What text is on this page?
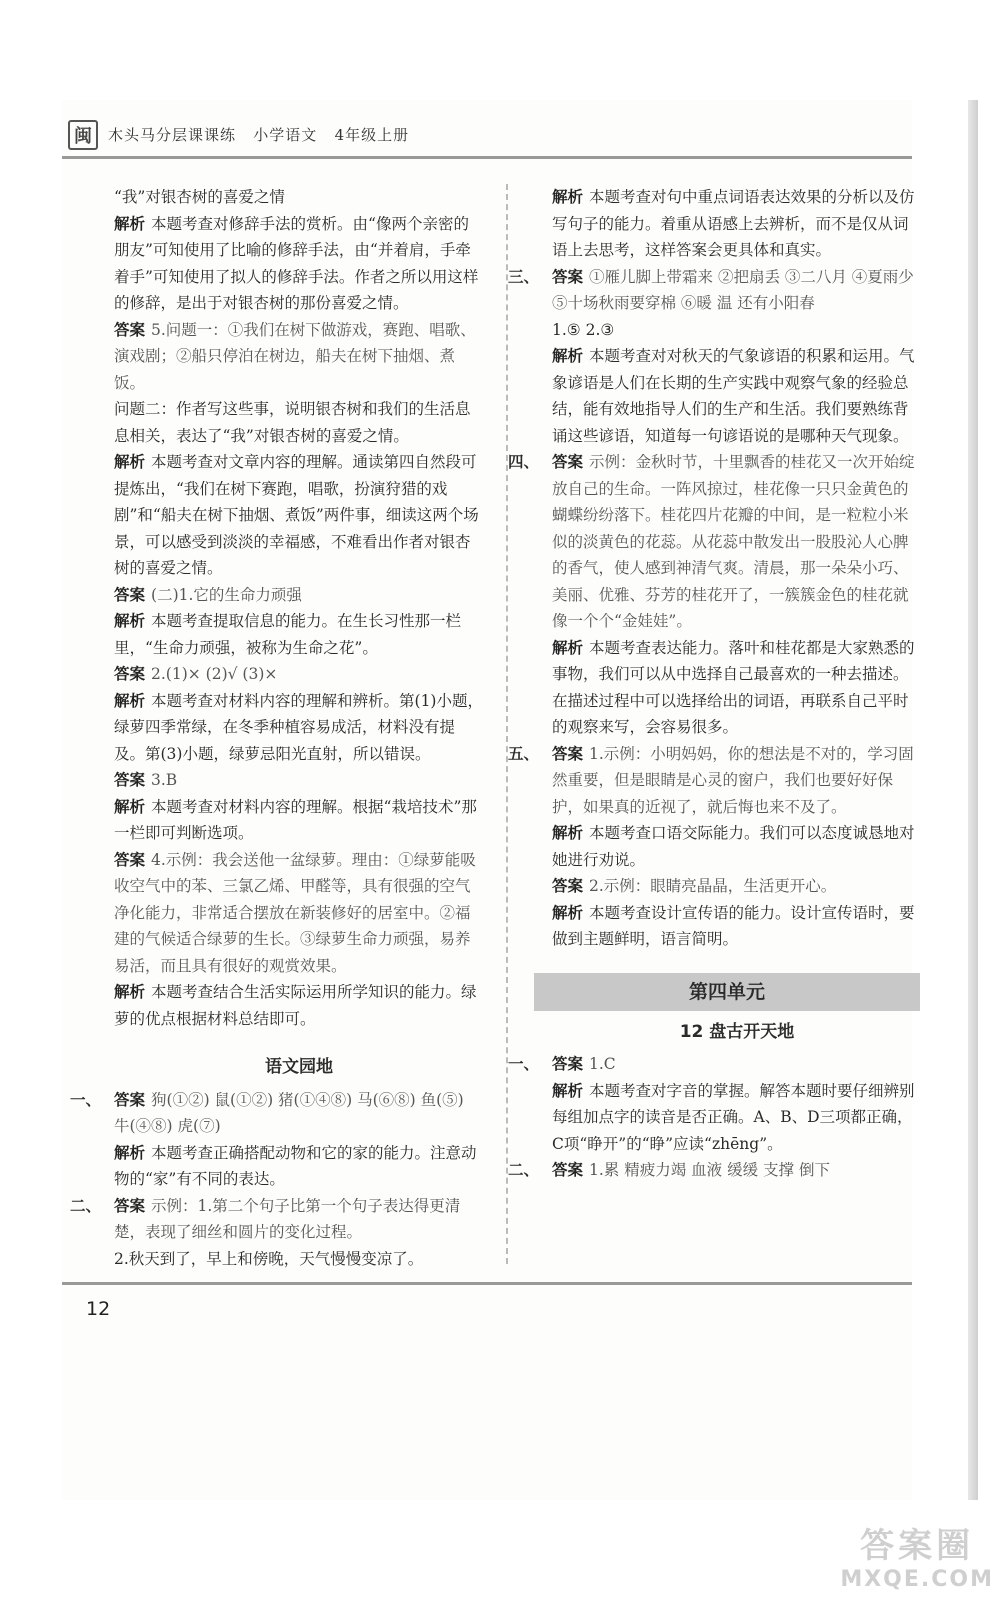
闽	木头马分层课课练   小学语文   4年级上册
“我”对银杏树的喜爱之情
解析 本题考查对修辞手法的赏析。由“像两个亲密的朋友”可知使用了比喻的修辞手法，由“并着肩，手牵着手”可知使用了拟人的修辞手法。作者之所以用这样的修辞，是出于对银杏树的那份喜爱之情。
答案 5.问题一：①我们在树下做游戏，赛跑、唱歌、演戏剧；②船只停泊在树边，船夫在树下抽烟、煮饭。
问题二：作者写这些事，说明银杏树和我们的生活息息相关，表达了“我”对银杏树的喜爱之情。
解析 本题考查对文章内容的理解。通读第四自然段可提炼出，“我们在树下赛跑，唱歌，扮演狩猎的戏剧”和“船夫在树下抽烟、煮饭”两件事，细读这两个场景，可以感受到淡淡的幸福感，不难看出作者对银杏树的喜爱之情。
答案 (二)1.它的生命力顽强
解析 本题考查提取信息的能力。在生长习性那一栏里，“生命力顽强，被称为生命之花”。
答案 2.(1)× (2)√ (3)×
解析 本题考查对材料内容的理解和辨析。第(1)小题，绿萝四季常绿，在冬季种植容易成活，材料没有提及。第(3)小题，绿萝忌阳光直射，所以错误。
答案 3.B
解析 本题考查对材料内容的理解。根据“栽培技术”那一栏即可判断选项。
答案 4.示例：我会送他一盆绿萝。理由：①绿萝能吸收空气中的苯、三氯乙烯、甲醛等，具有很强的空气净化能力，非常适合摆放在新装修好的居室中。②福建的气候适合绿萝的生长。③绿萝生命力顽强，易养易活，而且具有很好的观赏效果。
解析 本题考查结合生活实际运用所学知识的能力。绿萝的优点根据材料总结即可。
语文园地
一、 答案 狗(①②) 鼠(①②) 猪(①④⑧) 马(⑥⑧) 鱼(⑤) 牛(④⑧) 虎(⑦)
解析 本题考查正确搭配动物和它的家的能力。注意动物的“家”有不同的表达。
二、 答案 示例：1.第二个句子比第一个句子表达得更清楚，表现了细丝和圆片的变化过程。
2.秋天到了，早上和傍晚，天气慢慢变凉了。
解析 本题考查对句中重点词语表达效果的分析以及仿写句子的能力。着重从语感上去辨析，而不是仅从词语上去思考，这样答案会更具体和真实。
三、 答案 ①雁儿脚上带霜来 ②把扇丢 ③二八月 ④夏雨少 ⑤十场秋雨要穿棉 ⑥暖 温 还有小阳春
1.⑤ 2.③
解析 本题考查对对秋天的气象谚语的积累和运用。气象谚语是人们在长期的生产实践中观察气象的经验总结，能有效地指导人们的生产和生活。我们要熟练背诵这些谚语，知道每一句谚语说的是哪种天气现象。
四、 答案 示例：金秋时节，十里飘香的桂花又一次开始绽放自己的生命。一阵风掠过，桂花像一只只金黄色的蝴蝶纷纷落下。桂花四片花瓣的中间，是一粒粒小米似的淡黄色的花蕊。从花蕊中散发出一股股沁人心脾的香气，使人感到神清气爽。清晨，那一朵朵小巧、美丽、优雅、芬芳的桂花开了，一簇簇金色的桂花就像一个个“金娃娃”。
解析 本题考查表达能力。落叶和桂花都是大家熟悉的事物，我们可以从中选择自己最喜欢的一种去描述。在描述过程中可以选择给出的词语，再联系自己平时的观察来写，会容易很多。
五、 答案 1.示例：小明妈妈，你的想法是不对的，学习固然重要，但是眼睛是心灵的窗户，我们也要好好保护，如果真的近视了，就后悔也来不及了。
解析 本题考查口语交际能力。我们可以态度诚恳地对她进行劝说。
答案 2.示例：眼睛亮晶晶，生活更开心。
解析 本题考查设计宣传语的能力。设计宣传语时，要做到主题鲜明，语言简明。
第四单元
12 盘古开天地
一、 答案 1.C
解析 本题考查对字音的掌握。解答本题时要仔细辨别每组加点字的读音是否正确。A、B、D三项都正确，C项“睁开”的“睁”应读“zhēng”。
二、 答案 1.累 精疲力竭 血液 缓缓 支撑 倒下
12
答案圈
MXQE.COM
